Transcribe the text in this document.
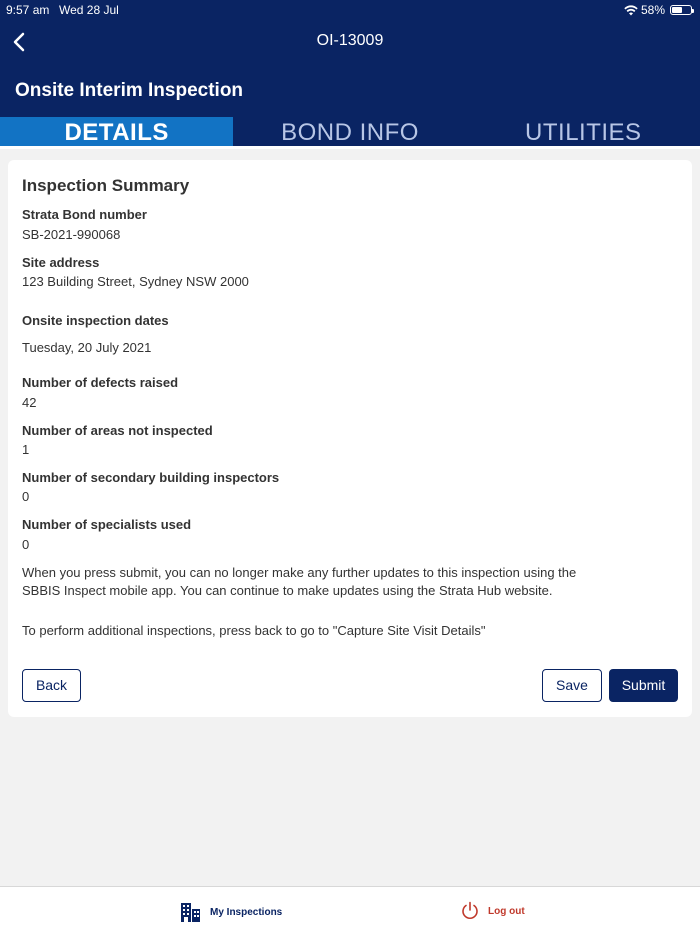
9:57 am Wed 28 Jul	58%
OI-13009
Onsite Interim Inspection
DETAILS	BOND INFO	UTILITIES
Inspection Summary
Strata Bond number
SB-2021-990068
Site address
123 Building Street, Sydney NSW 2000
Onsite inspection dates
Tuesday, 20 July 2021
Number of defects raised
42
Number of areas not inspected
1
Number of secondary building inspectors
0
Number of specialists used
0
When you press submit, you can no longer make any further updates to this inspection using the SBBIS Inspect mobile app. You can continue to make updates using the Strata Hub website.
To perform additional inspections, press back to go to "Capture Site Visit Details"
Back	Save	Submit
My Inspections	Log out
